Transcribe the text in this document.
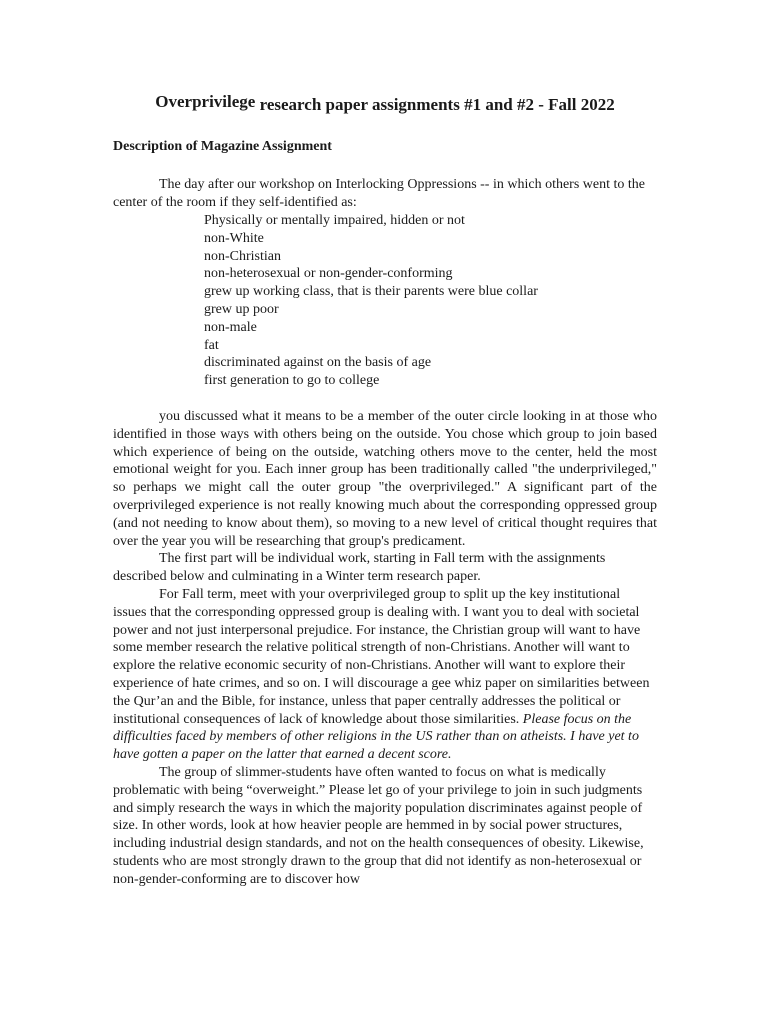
Overprivilege research paper assignments #1 and #2 - Fall 2022
Description of Magazine Assignment

The day after our workshop on Interlocking Oppressions -- in which others went to the center of the room if they self-identified as:

Physically or mentally impaired, hidden or not
non-White
non-Christian
non-heterosexual or non-gender-conforming
grew up working class, that is their parents were blue collar
grew up poor
non-male
fat
discriminated against on the basis of age
first generation to go to college

you discussed what it means to be a member of the outer circle looking in at those who identified in those ways with others being on the outside. You chose which group to join based which experience of being on the outside, watching others move to the center, held the most emotional weight for you. Each inner group has been traditionally called "the underprivileged," so perhaps we might call the outer group "the overprivileged." A significant part of the overprivileged experience is not really knowing much about the corresponding oppressed group (and not needing to know about them), so moving to a new level of critical thought requires that over the year you will be researching that group's predicament.

The first part will be individual work, starting in Fall term with the assignments described below and culminating in a Winter term research paper.

For Fall term, meet with your overprivileged group to split up the key institutional issues that the corresponding oppressed group is dealing with. I want you to deal with societal power and not just interpersonal prejudice. For instance, the Christian group will want to have some member research the relative political strength of non-Christians. Another will want to explore the relative economic security of non-Christians. Another will want to explore their experience of hate crimes, and so on. I will discourage a gee whiz paper on similarities between the Qur’an and the Bible, for instance, unless that paper centrally addresses the political or institutional consequences of lack of knowledge about those similarities. Please focus on the difficulties faced by members of other religions in the US rather than on atheists. I have yet to have gotten a paper on the latter that earned a decent score.

The group of slimmer-students have often wanted to focus on what is medically problematic with being “overweight.” Please let go of your privilege to join in such judgments and simply research the ways in which the majority population discriminates against people of size. In other words, look at how heavier people are hemmed in by social power structures, including industrial design standards, and not on the health consequences of obesity. Likewise, students who are most strongly drawn to the group that did not identify as non-heterosexual or non-gender-conforming are to discover how
